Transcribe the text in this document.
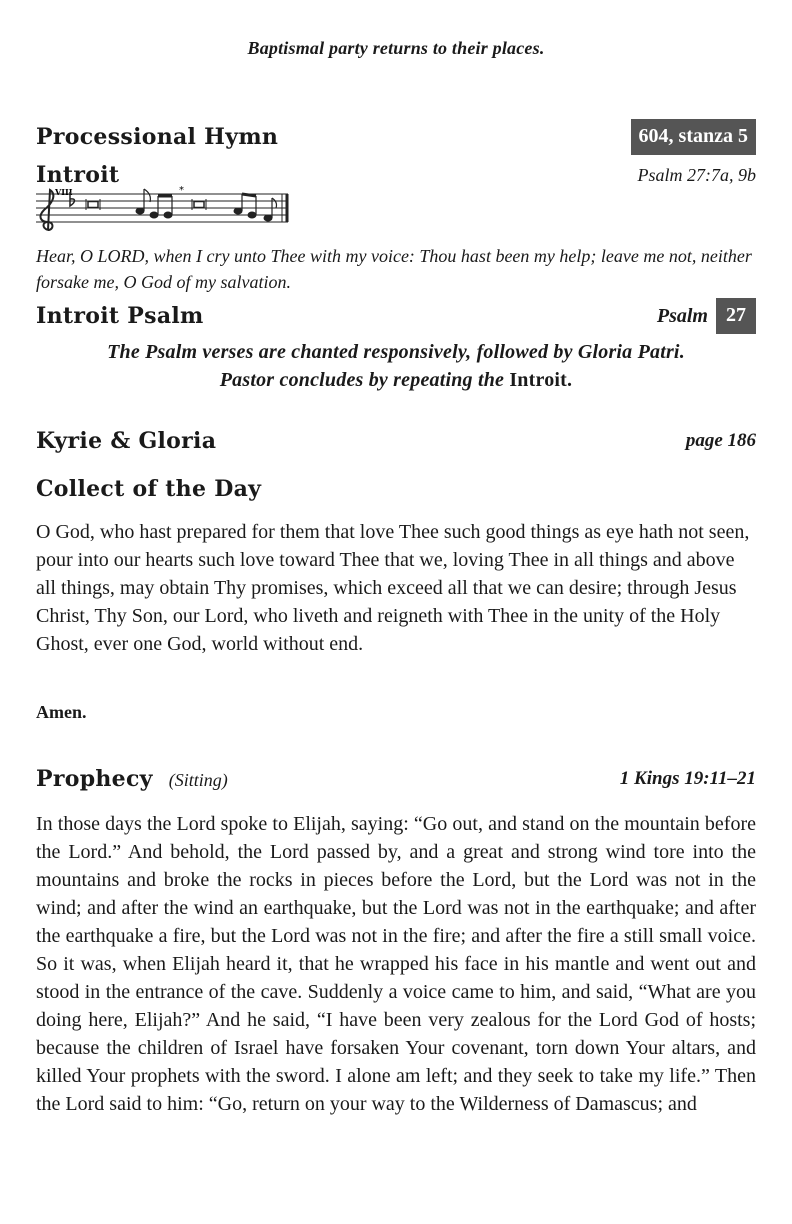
Baptismal party returns to their places.
Processional Hymn	604, stanza 5
Introit	Psalm 27:7a, 9b
VIII	*
Hear, O LORD, when I cry unto Thee with my voice: Thou hast been my help; leave me not, neither forsake me, O God of my salvation.
Introit Psalm	Psalm 27
The Psalm verses are chanted responsively, followed by Gloria Patri.
Pastor concludes by repeating the Introit.
Kyrie & Gloria	page 186
Collect of the Day
O God, who hast prepared for them that love Thee such good things as eye hath not seen, pour into our hearts such love toward Thee that we, loving Thee in all things and above all things, may obtain Thy promises, which exceed all that we can desire; through Jesus Christ, Thy Son, our Lord, who liveth and reigneth with Thee in the unity of the Holy Ghost, ever one God, world without end.
Amen.
Prophecy (Sitting)	1 Kings 19:11–21
In those days the Lord spoke to Elijah, saying: “Go out, and stand on the mountain before the Lord.” And behold, the Lord passed by, and a great and strong wind tore into the mountains and broke the rocks in pieces before the Lord, but the Lord was not in the wind; and after the wind an earthquake, but the Lord was not in the earthquake; and after the earthquake a fire, but the Lord was not in the fire; and after the fire a still small voice. So it was, when Elijah heard it, that he wrapped his face in his mantle and went out and stood in the entrance of the cave. Suddenly a voice came to him, and said, “What are you doing here, Elijah?” And he said, “I have been very zealous for the Lord God of hosts; because the children of Israel have forsaken Your covenant, torn down Your altars, and killed Your prophets with the sword. I alone am left; and they seek to take my life.” Then the Lord said to him: “Go, return on your way to the Wilderness of Damascus; and
